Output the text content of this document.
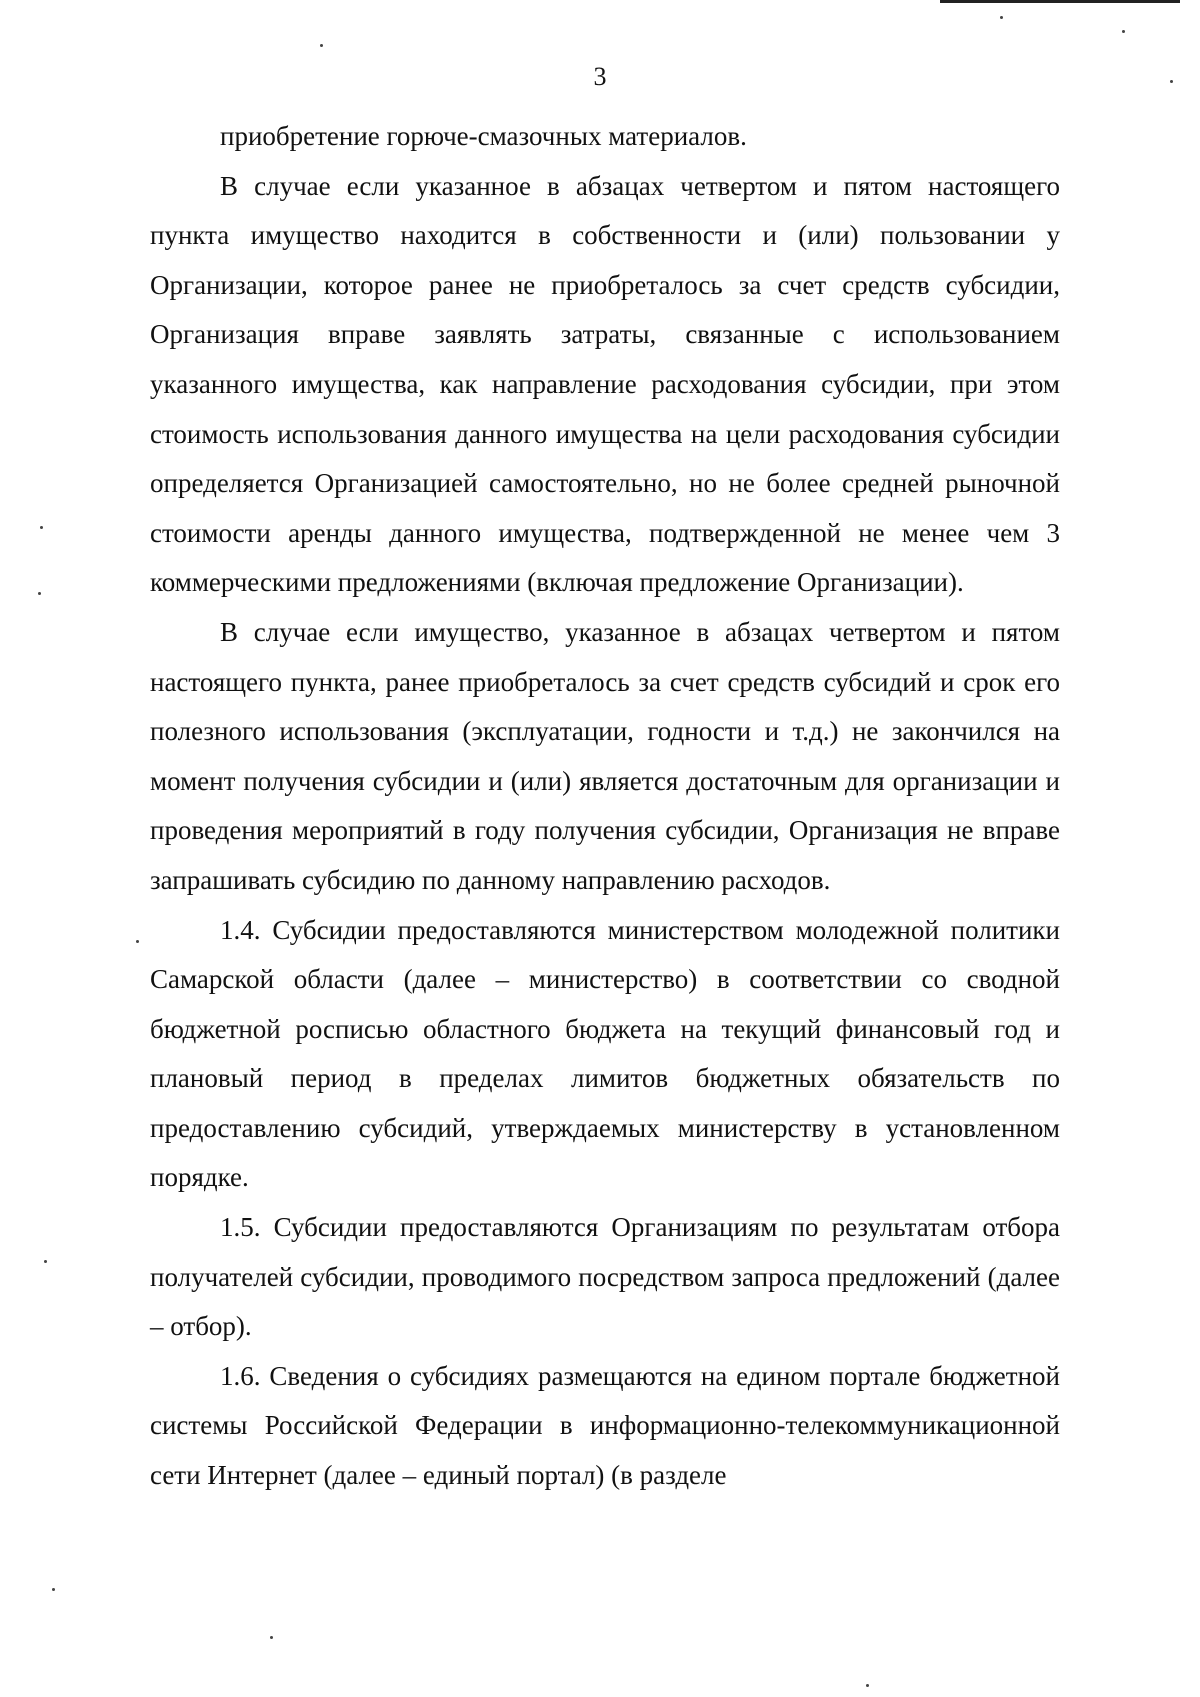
3

приобретение горюче-смазочных материалов.

В случае если указанное в абзацах четвертом и пятом настоящего пункта имущество находится в собственности и (или) пользовании у Организации, которое ранее не приобреталось за счет средств субсидии, Организация вправе заявлять затраты, связанные с использованием указанного имущества, как направление расходования субсидии, при этом стоимость использования данного имущества на цели расходования субсидии определяется Организацией самостоятельно, но не более средней рыночной стоимости аренды данного имущества, подтвержденной не менее чем 3 коммерческими предложениями (включая предложение Организации).

В случае если имущество, указанное в абзацах четвертом и пятом настоящего пункта, ранее приобреталось за счет средств субсидий и срок его полезного использования (эксплуатации, годности и т.д.) не закончился на момент получения субсидии и (или) является достаточным для организации и проведения мероприятий в году получения субсидии, Организация не вправе запрашивать субсидию по данному направлению расходов.

1.4. Субсидии предоставляются министерством молодежной политики Самарской области (далее – министерство) в соответствии со сводной бюджетной росписью областного бюджета на текущий финансовый год и плановый период в пределах лимитов бюджетных обязательств по предоставлению субсидий, утверждаемых министерству в установленном порядке.

1.5. Субсидии предоставляются Организациям по результатам отбора получателей субсидии, проводимого посредством запроса предложений (далее – отбор).

1.6. Сведения о субсидиях размещаются на едином портале бюджетной системы Российской Федерации в информационно-телекоммуникационной сети Интернет (далее – единый портал) (в разделе
